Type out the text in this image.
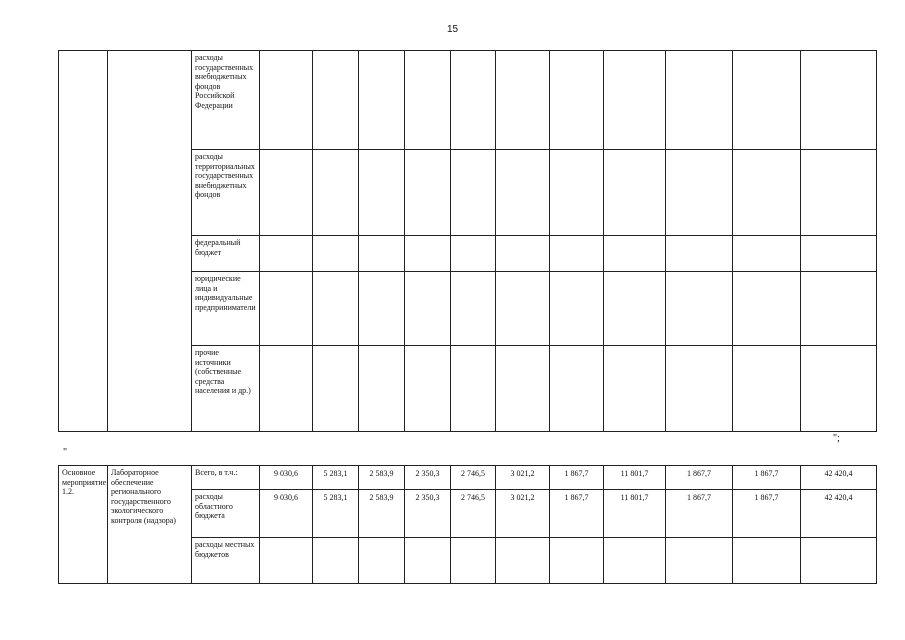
15
		расходы государственных внебюджетных фондов Российской Федерации											
		расходы территориальных государственных внебюджетных фондов											
		федеральный бюджет											
		юридические лица и индивидуальные предприниматели											
		прочие источники (собственные средства населения и др.)											
";
"
Основное мероприятие 1.2.	Лабораторное обеспечение регионального государственного экологического контроля (надзора)	Всего, в т.ч.:	9 030,6	5 283,1	2 583,9	2 350,3	2 746,5	3 021,2	1 867,7	11 801,7	1 867,7	1 867,7	42 420,4
		расходы областного бюджета	9 030,6	5 283,1	2 583,9	2 350,3	2 746,5	3 021,2	1 867,7	11 801,7	1 867,7	1 867,7	42 420,4
		расходы местных бюджетов											
